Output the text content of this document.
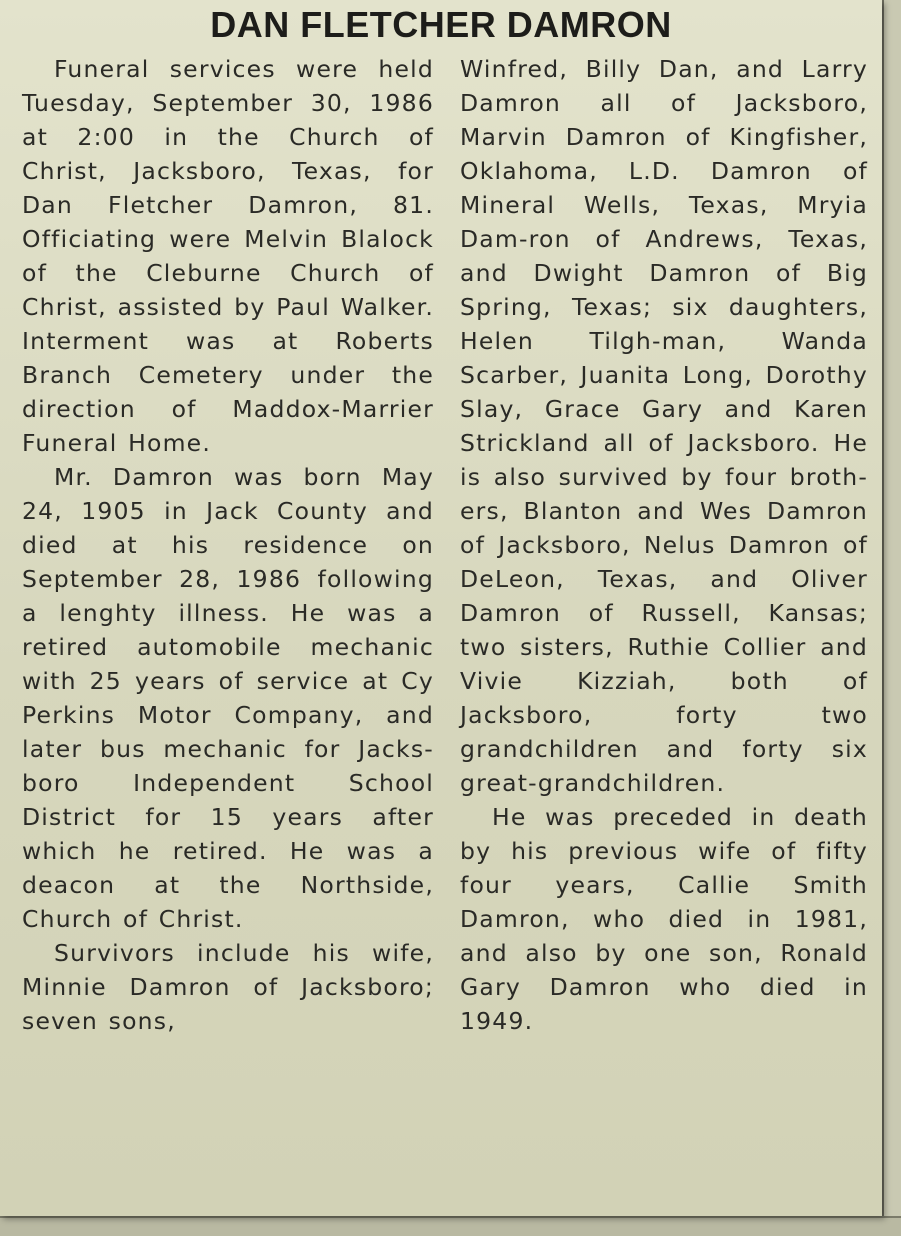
DAN FLETCHER DAMRON

Funeral services were held Tuesday, September 30, 1986 at 2:00 in the Church of Christ, Jacksboro, Texas, for Dan Fletcher Damron, 81. Officiating were Melvin Blalock of the Cleburne Church of Christ, assisted by Paul Walker. Interment was at Roberts Branch Cemetery under the direction of Maddox-Marrier Funeral Home.

Mr. Damron was born May 24, 1905 in Jack County and died at his residence on September 28, 1986 following a lenghty illness. He was a retired automobile mechanic with 25 years of service at Cy Perkins Motor Company, and later bus mechanic for Jacks-boro Independent School District for 15 years after which he retired. He was a deacon at the Northside, Church of Christ.

Survivors include his wife, Minnie Damron of Jacksboro; seven sons,

Winfred, Billy Dan, and Larry Damron all of Jacksboro, Marvin Damron of Kingfisher, Oklahoma, L.D. Damron of Mineral Wells, Texas, Mryia Dam-ron of Andrews, Texas, and Dwight Damron of Big Spring, Texas; six daughters, Helen Tilgh-man, Wanda Scarber, Juanita Long, Dorothy Slay, Grace Gary and Karen Strickland all of Jacksboro. He is also survived by four broth-ers, Blanton and Wes Damron of Jacksboro, Nelus Damron of DeLeon, Texas, and Oliver Damron of Russell, Kansas; two sisters, Ruthie Collier and Vivie Kizziah, both of Jacksboro, forty two grandchildren and forty six great-grandchildren.

He was preceded in death by his previous wife of fifty four years, Callie Smith Damron, who died in 1981, and also by one son, Ronald Gary Damron who died in 1949.
